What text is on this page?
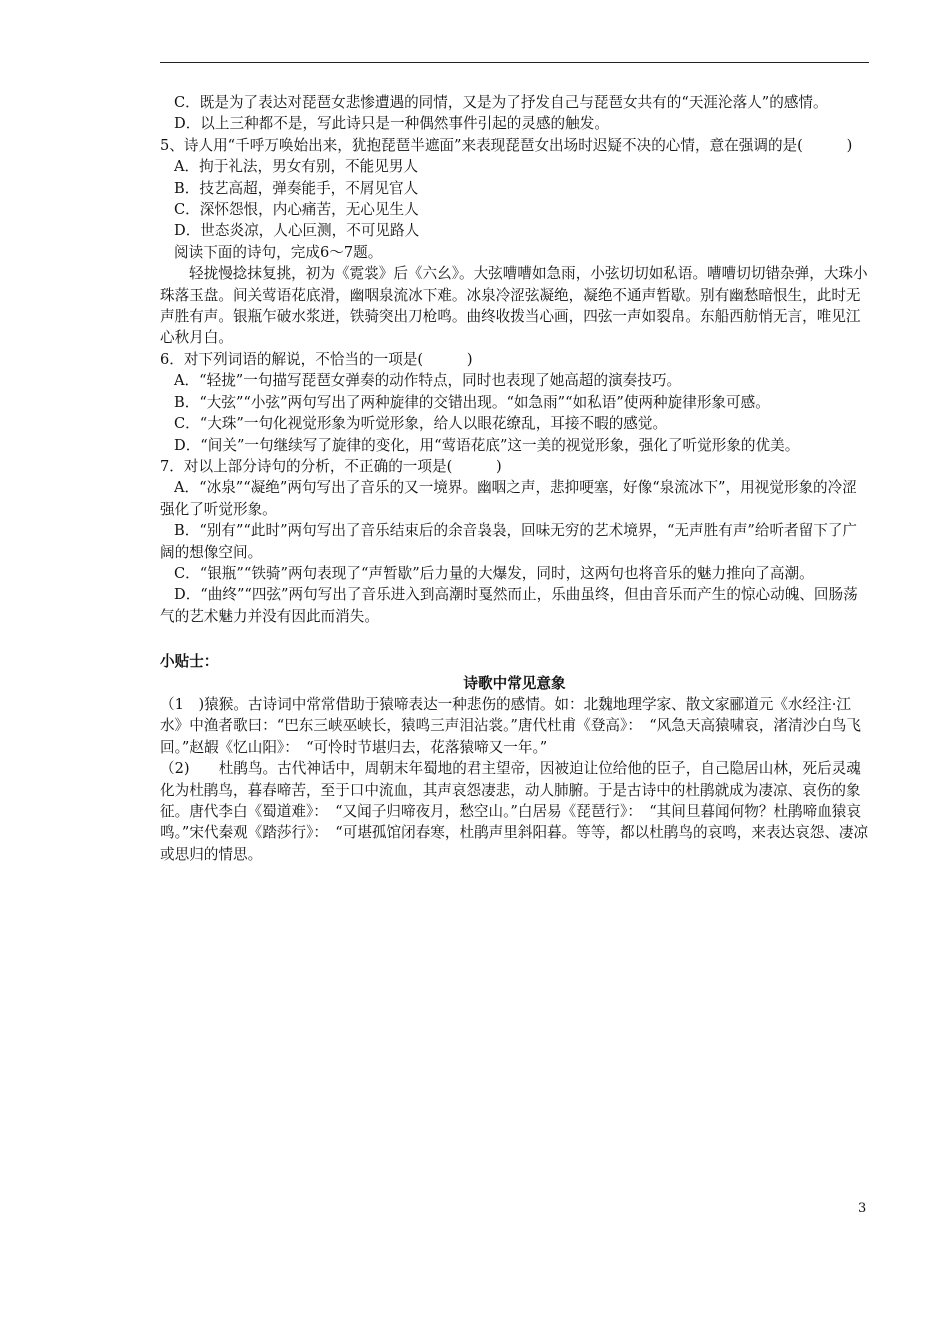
C．既是为了表达对琵琶女悲惨遭遇的同情，又是为了抒发自己与琵琶女共有的“天涯沦落人”的感情。

D．以上三种都不是，写此诗只是一种偶然事件引起的灵感的触发。

5、诗人用“千呼万唤始出来，犹抱琵琶半遮面”来表现琵琶女出场时迟疑不决的心情，意在强调的是(　　　)

A．拘于礼法，男女有别，不能见男人

B．技艺高超，弹奏能手，不屑见官人

C．深怀怨恨，内心痛苦，无心见生人

D．世态炎凉，人心叵测，不可见路人

阅读下面的诗句，完成6～7题。

轻拢慢捻抹复挑，初为《霓裳》后《六幺》。大弦嘈嘈如急雨，小弦切切如私语。嘈嘈切切错杂弹，大珠小珠落玉盘。间关莺语花底滑，幽咽泉流冰下难。冰泉冷涩弦凝绝，凝绝不通声暂歇。别有幽愁暗恨生，此时无声胜有声。银瓶乍破水浆迸，铁骑突出刀枪鸣。曲终收拨当心画，四弦一声如裂帛。东船西舫悄无言，唯见江心秋月白。

6．对下列词语的解说，不恰当的一项是(　　　)

A．“轻拢”一句描写琵琶女弹奏的动作特点，同时也表现了她高超的演奏技巧。

B．“大弦”“小弦”两句写出了两种旋律的交错出现。“如急雨”“如私语”使两种旋律形象可感。

C．“大珠”一句化视觉形象为听觉形象，给人以眼花缭乱，耳接不暇的感觉。

D．“间关”一句继续写了旋律的变化，用“莺语花底”这一美的视觉形象，强化了听觉形象的优美。

7．对以上部分诗句的分析，不正确的一项是(　　　)

A．“冰泉”“凝绝”两句写出了音乐的又一境界。幽咽之声，悲抑哽塞，好像“泉流冰下”，用视觉形象的冷涩强化了听觉形象。

B．“别有”“此时”两句写出了音乐结束后的余音袅袅，回味无穷的艺术境界，“无声胜有声”给听者留下了广阔的想像空间。

C．“银瓶”“铁骑”两句表现了“声暂歇”后力量的大爆发，同时，这两句也将音乐的魅力推向了高潮。

D．“曲终”“四弦”两句写出了音乐进入到高潮时戛然而止，乐曲虽终，但由音乐而产生的惊心动魄、回肠荡气的艺术魅力并没有因此而消失。

小贴士：

诗歌中常见意象

（1　)猿猴。古诗词中常常借助于猿啼表达一种悲伤的感情。如：北魏地理学家、散文家郦道元《水经注·江水》中渔者歌曰：“巴东三峡巫峡长，猿鸣三声泪沾裳。”唐代杜甫《登高》：　“风急天高猿啸哀，渚清沙白鸟飞回。”赵嘏《忆山阳》：　“可怜时节堪归去，花落猿啼又一年。”

（2)　　杜鹃鸟。古代神话中，周朝末年蜀地的君主望帝，因被迫让位给他的臣子，自己隐居山林，死后灵魂化为杜鹃鸟，暮春啼苦，至于口中流血，其声哀怨凄悲，动人肺腑。于是古诗中的杜鹃就成为凄凉、哀伤的象征。唐代李白《蜀道难》：　“又闻子归啼夜月，愁空山。”白居易《琵琶行》：　“其间旦暮闻何物？杜鹃啼血猿哀鸣。”宋代秦观《踏莎行》：　“可堪孤馆闭春寒，杜鹃声里斜阳暮。等等，都以杜鹃鸟的哀鸣，来表达哀怨、凄凉或思归的情思。

3
